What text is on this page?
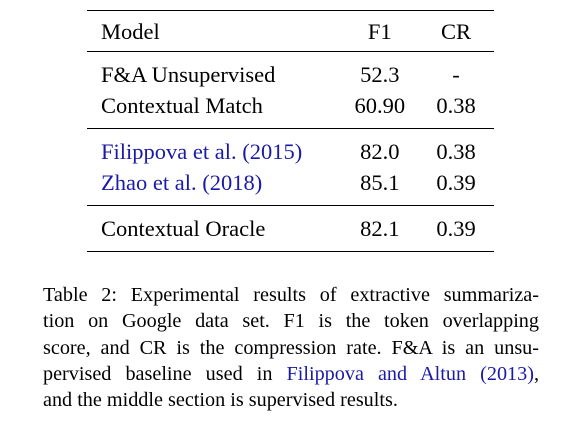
Model	F1	CR

F&A Unsupervised	52.3	-
Contextual Match	60.90	0.38

Filippova et al. (2015)	82.0	0.38
Zhao et al. (2018)	85.1	0.39

Contextual Oracle	82.1	0.39

Table 2: Experimental results of extractive summariza-
tion on Google data set. F1 is the token overlapping
score, and CR is the compression rate. F&A is an unsu-
pervised baseline used in Filippova and Altun (2013),
and the middle section is supervised results.
